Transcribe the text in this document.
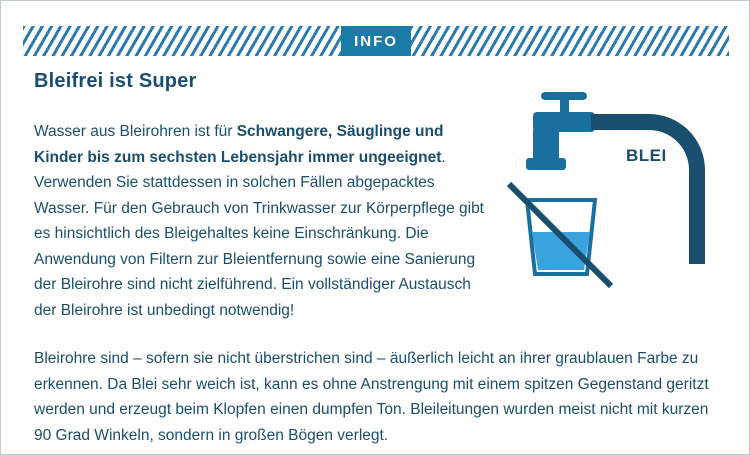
INFO
Bleifrei ist Super
Wasser aus Bleirohren ist für Schwangere, Säuglinge und Kinder bis zum sechsten Lebensjahr immer ungeeignet. Verwenden Sie stattdessen in solchen Fällen abgepacktes Wasser. Für den Gebrauch von Trinkwasser zur Körperpflege gibt es hinsichtlich des Bleigehaltes keine Einschränkung. Die Anwendung von Filtern zur Bleientfernung sowie eine Sanierung der Bleirohre sind nicht zielführend. Ein vollständiger Austausch der Bleirohre ist unbedingt notwendig!
Bleirohre sind – sofern sie nicht überstrichen sind – äußerlich leicht an ihrer graublauen Farbe zu erkennen. Da Blei sehr weich ist, kann es ohne Anstrengung mit einem spitzen Gegenstand geritzt werden und erzeugt beim Klopfen einen dumpfen Ton. Bleileitungen wurden meist nicht mit kurzen 90 Grad Winkeln, sondern in großen Bögen verlegt.
BLEI
